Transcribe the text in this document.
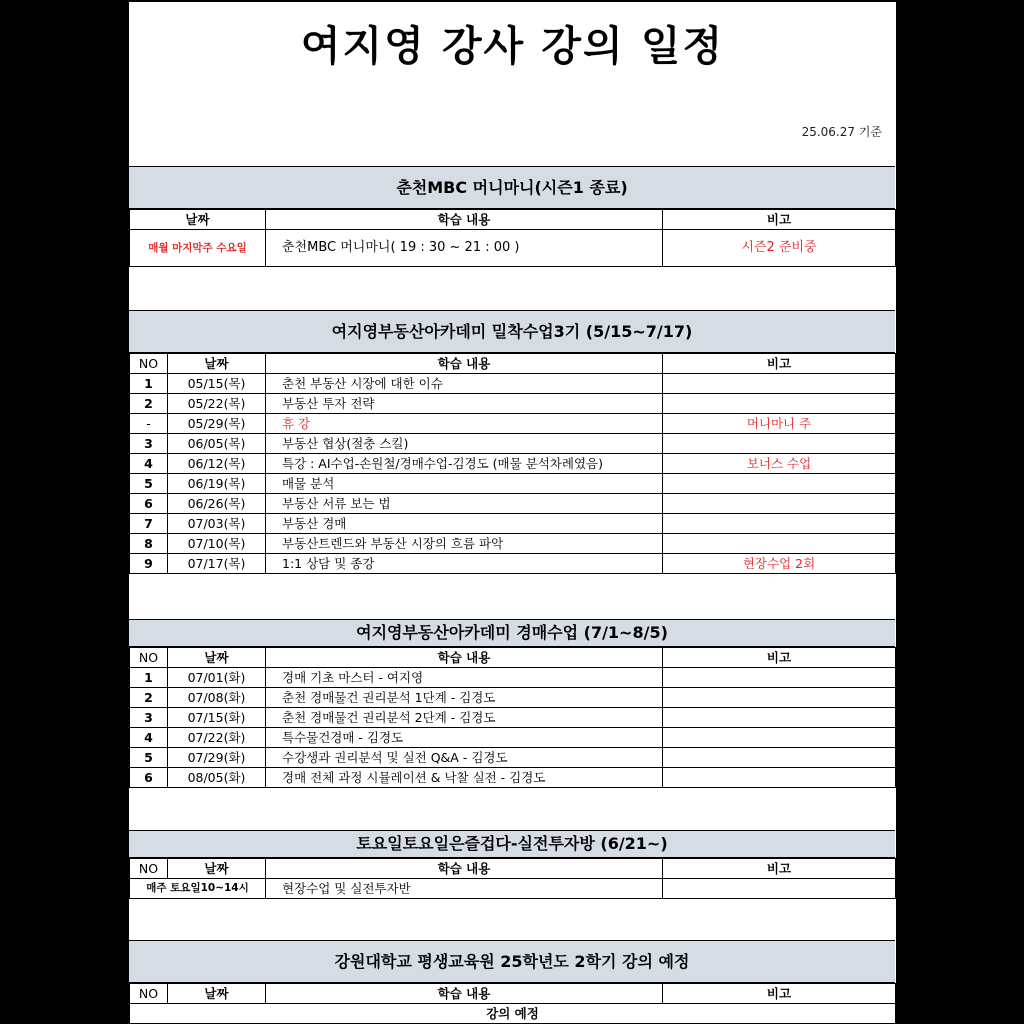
여지영 강사 강의 일정
25.06.27 기준
춘천MBC 머니마니(시즌1 종료)
날짜	학습 내용	비고
매월 마지막주 수요일	춘천MBC 머니마니( 19 : 30 ~ 21 : 00 )	시즌2 준비중
여지영부동산아카데미 밀착수업3기 (5/15~7/17)
NO	날짜	학습 내용	비고
1	05/15(목)	춘천 부동산 시장에 대한 이슈	
2	05/22(목)	부동산 투자 전략	
-	05/29(목)	휴 강	머니마니 주
3	06/05(목)	부동산 협상(절충 스킬)	
4	06/12(목)	특강 : AI수업-손원철/경매수업-김경도 (매물 분석차례였음)	보너스 수업
5	06/19(목)	매물 분석	
6	06/26(목)	부동산 서류 보는 법	
7	07/03(목)	부동산 경매	
8	07/10(목)	부동산트렌드와 부동산 시장의 흐름 파악	
9	07/17(목)	1:1 상담 및 종강	현장수업 2회
여지영부동산아카데미 경매수업 (7/1~8/5)
NO	날짜	학습 내용	비고
1	07/01(화)	경매 기초 마스터 - 여지영	
2	07/08(화)	춘천 경매물건 권리분석 1단계 - 김경도	
3	07/15(화)	춘천 경매물건 권리분석 2단계 - 김경도	
4	07/22(화)	특수물건경매 - 김경도	
5	07/29(화)	수강생과 권리분석 및 실전 Q&A - 김경도	
6	08/05(화)	경매 전체 과정 시뮬레이션 & 낙찰 실전 - 김경도	
토요일토요일은즐겁다-실전투자방 (6/21~)
NO	날짜	학습 내용	비고
매주 토요일10~14시		현장수업 및 실전투자반	
강원대학교 평생교육원 25학년도 2학기 강의 예정
NO	날짜	학습 내용	비고
강의 예정
